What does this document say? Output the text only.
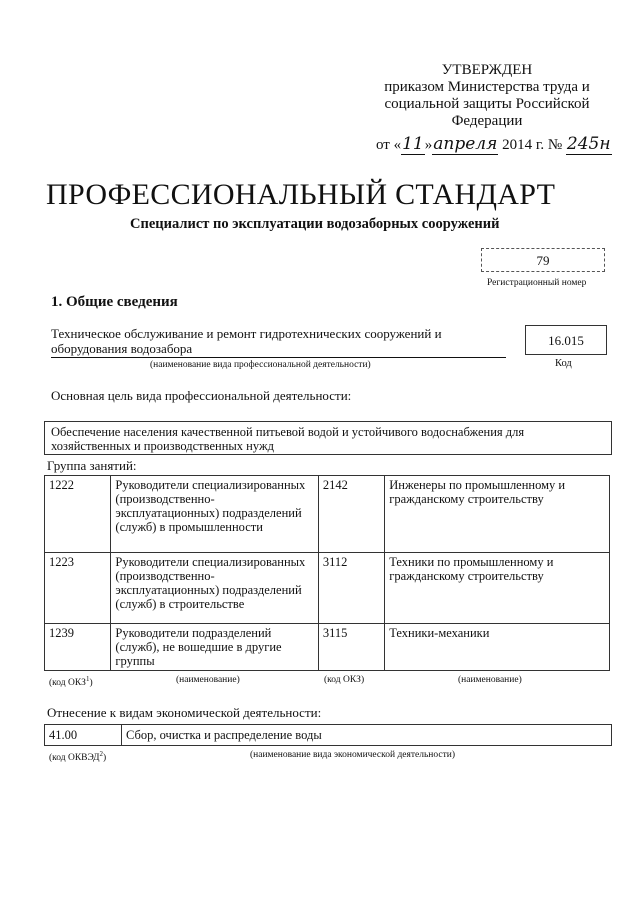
УТВЕРЖДЕН
приказом Министерства труда и
социальной защиты Российской
Федерации
от «11»апреля 2014 г. № 245н
ПРОФЕССИОНАЛЬНЫЙ СТАНДАРТ
Специалист по эксплуатации водозаборных сооружений
79
Регистрационный номер
1. Общие сведения
Техническое обслуживание и ремонт гидротехнических сооружений и оборудования водозабора
(наименование вида профессиональной деятельности)
16.015
Код
Основная цель вида профессиональной деятельности:
Обеспечение населения качественной питьевой водой и устойчивого водоснабжения для хозяйственных и производственных нужд
Группа занятий:
1222	Руководители специализированных (производственно-эксплуатационных) подразделений (служб) в промышленности	2142	Инженеры по промышленному и гражданскому строительству
1223	Руководители специализированных (производственно-эксплуатационных) подразделений (служб) в строительстве	3112	Техники по промышленному и гражданскому строительству
1239	Руководители подразделений (служб), не вошедшие в другие группы	3115	Техники-механики
(код ОКЗ$^1$)	(наименование)	(код ОКЗ)	(наименование)
Отнесение к видам экономической деятельности:
41.00	Сбор, очистка и распределение воды
(код ОКВЭД$^2$)	(наименование вида экономической деятельности)
